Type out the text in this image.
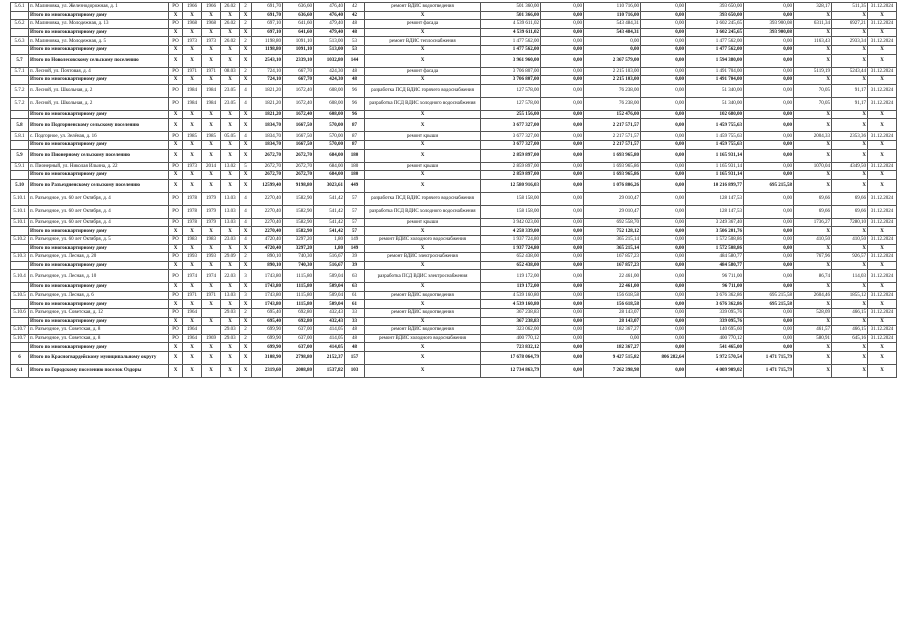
5.6.1	п. Малиновка, ул. Железнодорожная, д. 1	РО	1966	1966	26.02	2	691,70	636,60	476,40	42	ремонт ВДИС водоотведения	501 360,00	0,00	110 716,00	0,00	393 650,00	0,00	328,17	511,35	31.12.2024
	Итого по многоквартирному дому	X	X	X	X	X	691,70	636,60	476,40	42	X	501 366,00	0,00	110 716,00	0,00	393 650,00	0,00	X	X	X
5.6.2	п. Малиновка, ул. Молодежная, д. 13	РО	1968	1968	26.02	2	697,10	641,60	479,40	48	ремонт фасада	4 539 611,02	0,00	543 484,31	0,00	3 602 245,65	393 900,08	6311,34	6927,21	31.12.2024
	Итого по многоквартирному дому	X	X	X	X	X	697,10	641,60	479,40	48	X	4 539 611,02	0,00	543 484,31	0,00	3 602 245,65	393 900,08	X	X	X
5.6.3	п. Малиновка, ул. Молодежная, д. 5	РО	1973	1973	26.02	2	1198,80	1091,10	513,00	53	ремонт ВДИС теплоснабжения	1 477 562,00	0,00	0,00	0,00	1 477 562,00	0,00	1163,43	2933,34	31.12.2024
	Итого по многоквартирному дому	X	X	X	X	X	1198,80	1091,10	513,00	53	X	1 477 562,00	0,00	0,00	0,00	1 477 562,00	0,00	X	X	X
5.7	Итого по Новолесовскому сельскому поселению	X	X	X	X	X	2543,10	2339,10	1032,80	144	X	3 961 960,00	0,00	2 367 579,00	0,00	1 594 380,00	0,00	X	X	X
5.7.1	п. Лесной, ул. Почтовая, д. 4	РО	1971	1971	08.03	2	724,10	667,70	424,30	48	ремонт фасада	3 706 807,00	0,00	2 215 103,00	0,00	1 491 704,00	0,00	5119,19	5243,44	31.12.2024
	Итого по многоквартирному дому	X	X	X	X	X	724,10	667,70	424,30	48	X	3 706 807,00	0,00	2 215 103,00	0,00	1 491 704,00	0,00	X	X	X
5.7.2	п. Лесной, ул. Школьная, д. 2	РО	1984	1984	23.05	4	1821,20	1672,40	608,00	96	разработка ПСД ВДИС горячего водоснабжения	127 578,00	0,00	76 238,00	0,00	51 340,00	0,00	70,05	91,17	31.12.2024
5.7.2	п. Лесной, ул. Школьная, д. 2	РО	1984	1984	23.05	4	1821,20	1672,40	608,00	96	разработка ПСД ВДИС холодного водоснабжения	127 578,00	0,00	76 238,00	0,00	51 340,00	0,00	70,05	91,17	31.12.2024
	Итого по многоквартирному дому	X	X	X	X	X	1821,20	1672,40	608,00	96	X	255 156,00	0,00	152 476,00	0,00	102 680,00	0,00	X	X	X
5.8	Итого по Подгорненскому сельскому поселению	X	X	X	X	X	1834,70	1667,50	570,00	87	X	3 677 327,00	0,00	2 217 571,57	0,00	1 459 755,63	0,00	X	X	X
5.8.1	с. Подгорное, ул. Зелёная, д. 16	РО	1985	1985	05.05	4	1834,70	1667,50	570,00	87	ремонт крыши	3 677 327,00	0,00	2 217 571,57	0,00	1 459 755,63	0,00	2004,33	2353,36	31.12.2024
	Итого по многоквартирному дому	X	X	X	X	X	1834,70	1667,50	570,00	87	X	3 677 327,00	0,00	2 217 571,57	0,00	1 459 755,63	0,00	X	X	X
5.9	Итого по Пионерному сельскому поселению	X	X	X	X	X	2672,70	2672,70	684,00	180	X	2 859 897,00	0,00	1 693 965,80	0,00	1 165 931,14	0,00	X	X	X
5.9.1	п. Пионерный, ул. Николая Ильина, д. 22	РО	1973	2014	13.02	5	2672,70	2672,70	684,00	180	ремонт крыши	2 859 897,00	0,00	1 693 965,86	0,00	1 165 931,14	0,00	1070,04	4349,50	31.12.2024
	Итого по многоквартирному дому	X	X	X	X	X	2672,70	2672,70	684,00	180	X	2 859 897,00	0,00	1 693 965,86	0,00	1 165 931,14	0,00	X	X	X
5.10	Итого по Разъездненскому сельскому поселению	X	X	X	X	X	12599,40	9198,80	3023,61	449	X	12 580 916,03	0,00	1 076 806,26	0,00	10 216 899,77	695 215,58	X	X	X
5.10.1	п. Разъездное, ул. 60 лет Октября, д. 4	РО	1978	1979	13.03	4	2270,40	1582,90	541,42	57	разработка ПСД ВДИС горячего водоснабжения	158 158,00	0,00	29 010,47	0,00	128 147,53	0,00	69,66	69,66	31.12.2024
5.10.1	п. Разъездное, ул. 60 лет Октября, д. 4	РО	1978	1979	13.03	4	2270,40	1582,90	541,42	57	разработка ПСД ВДИС холодного водоснабжения	158 158,00	0,00	29 010,47	0,00	128 147,53	0,00	69,66	69,66	31.12.2024
5.10.1	п. Разъездное, ул. 60 лет Октября, д. 4	РО	1978	1979	13.03	4	2270,40	1582,90	541,42	57	ремонт крыши	3 942 023,00	0,00	692 558,70	0,00	3 249 367,40	0,00	1736,27	7280,10	31.12.2024
	Итого по многоквартирному дому	X	X	X	X	X	2270,40	1582,90	541,42	57	X	4 258 339,00	0,00	752 128,12	0,00	3 506 201,76	0,00	X	X	X
5.10.2	п. Разъездное, ул. 60 лет Октября, д. 5	РО	1983	1983	23.03	4	4720,40	3297,20	1,80	149	ремонт ВДИС холодного водоснабжения	1 937 724,80	0,00	365 215,14	0,00	1 572 508,86	0,00	410,50	410,50	31.12.2024
	Итого по многоквартирному дому	X	X	X	X	X	4720,40	3297,20	1,80	149	X	1 937 724,80	0,00	365 215,14	0,00	1 572 508,86	0,00	X	X	X
5.10.3	п. Разъездное, ул. Лесная, д. 20	РО	1993	1993	29.09	2	890,10	740,30	516,67	39	ремонт ВДИС электроснабжения	652 438,00	0,00	167 857,23	0,00	484 580,77	0,00	767,96	926,57	31.12.2024
	Итого по многоквартирному дому	X	X	X	X	X	890,10	740,30	516,67	39	X	652 438,00	0,00	167 857,23	0,00	484 580,77	0,00	X	X	X
5.10.4	п. Разъездное, ул. Лесная, д. 10	РО	1974	1974	22.03	3	1743,80	1115,80	509,04	63	разработка ПСД ВДИС электроснабжения	119 172,00	0,00	22 461,00	0,00	96 711,00	0,00	86,74	114,03	31.12.2024
	Итого по многоквартирному дому	X	X	X	X	X	1743,80	1115,80	509,04	63	X	119 172,00	0,00	22 461,00	0,00	96 711,00	0,00	X	X	X
5.10.5	п. Разъездное, ул. Лесная, д. 6	РО	1971	1971	13.03	3	1743,80	1115,80	509,04	61	ремонт ВДИС водоотведения	4 539 160,80	0,00	156 618,58	0,00	3 676 362,86	695 215,58	2604,46	1855,12	31.12.2024
	Итого по многоквартирному дому	X	X	X	X	X	1743,80	1115,80	509,04	61	X	4 539 160,80	0,00	156 618,58	0,00	3 676 362,86	695 215,58	X	X	X
5.10.6	п. Разъездное, ул. Советская, д. 12	РО	1964		29.03	2	695,40	692,80	432,43	33	ремонт ВДИС водоотведения	367 238,83	0,00	28 143,07	0,00	339 095,76	0,00	528,09	466,15	31.12.2024
	Итого по многоквартирному дому	X	X	X	X	X	695,40	692,80	432,43	33	X	367 238,83	0,00	28 143,07	0,00	339 095,76	0,00	X	X	X
5.10.7	п. Разъездное, ул. Советская, д. 8	РО	1964		29.03	2	699,90	637,00	414,05	48	ремонт ВДИС водоотведения	323 062,00	0,00	182 367,27	0,00	140 695,60	0,00	461,57	466,15	31.12.2024
5.10.7	п. Разъездное, ул. Советская, д. 8	РО	1964	1969	29.03	2	699,90	637,00	414,05	48	ремонт ВДИС холодного водоснабжения	400 770,12	0,00	0,00	0,00	400 770,12	0,00	580,91	645,16	31.12.2024
	Итого по многоквартирному дому	X	X	X	X	X	699,90	637,00	414,05	48	X	723 832,12	0,00	182 367,27	0,00	541 465,00	0,00	X	X	X
6	Итого по Красногвардейскому муниципальному округу	X	X	X	X	X	3108,90	2798,80	2152,37	157	X	17 678 064,79	0,00	9 427 515,82	806 282,64	5 972 570,54	1 471 715,79	X	X	X
6.1	Итого по Городскому поселению поселок Оздоры	X	X	X	X	X	2319,60	2008,80	1537,82	103	X	12 734 863,79	0,00	7 262 398,98	0,00	4 009 909,02	1 471 715,79	X	X	X
